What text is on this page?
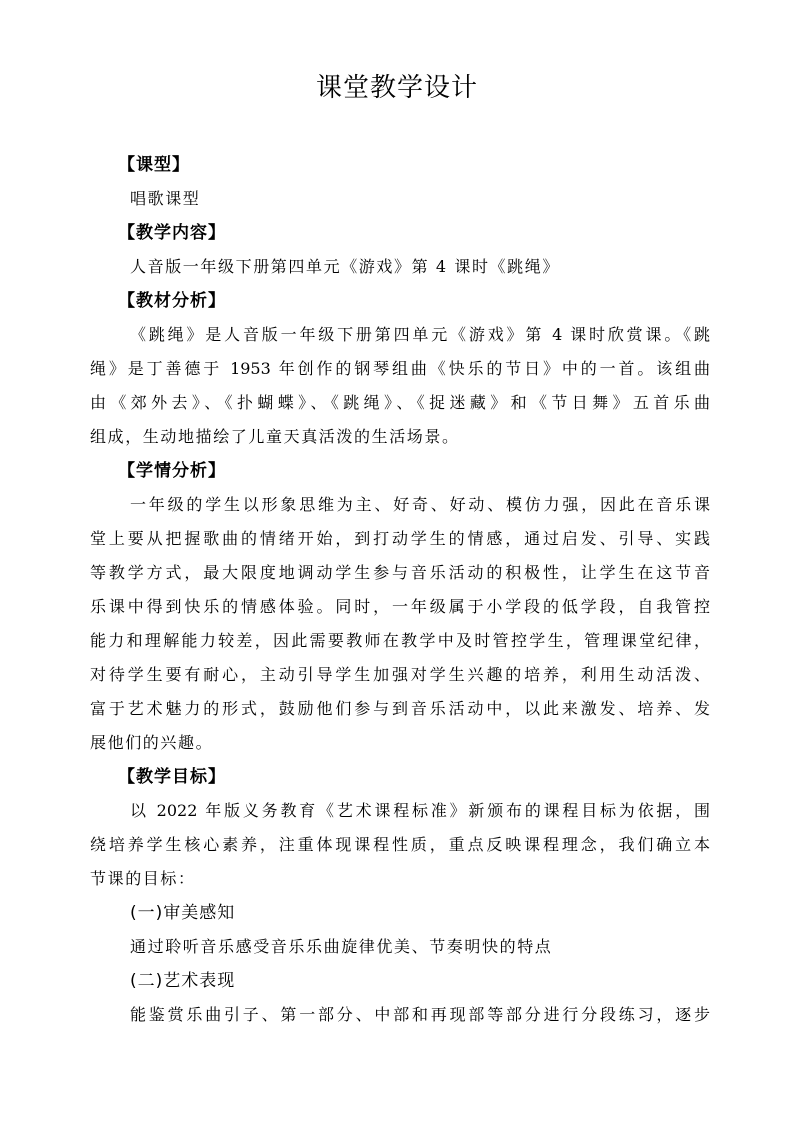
课堂教学设计
【课型】
唱歌课型
【教学内容】
人音版一年级下册第四单元《游戏》第 4 课时《跳绳》
【教材分析】
《跳绳》是人音版一年级下册第四单元《游戏》第 4 课时欣赏课。《跳
绳》是丁善德于 1953 年创作的钢琴组曲《快乐的节日》中的一首。该组曲
由《郊外去》、《扑蝴蝶》、《跳绳》、《捉迷藏》和《节日舞》五首乐曲
组成，生动地描绘了儿童天真活泼的生活场景。
【学情分析】
一年级的学生以形象思维为主、好奇、好动、模仿力强，因此在音乐课
堂上要从把握歌曲的情绪开始，到打动学生的情感，通过启发、引导、实践
等教学方式，最大限度地调动学生参与音乐活动的积极性，让学生在这节音
乐课中得到快乐的情感体验。同时，一年级属于小学段的低学段，自我管控
能力和理解能力较差，因此需要教师在教学中及时管控学生，管理课堂纪律，
对待学生要有耐心，主动引导学生加强对学生兴趣的培养，利用生动活泼、
富于艺术魅力的形式，鼓励他们参与到音乐活动中，以此来激发、培养、发
展他们的兴趣。
【教学目标】
以 2022 年版义务教育《艺术课程标准》新颁布的课程目标为依据，围
绕培养学生核心素养，注重体现课程性质，重点反映课程理念，我们确立本
节课的目标：
(一)审美感知
通过聆听音乐感受音乐乐曲旋律优美、节奏明快的特点
(二)艺术表现
能鉴赏乐曲引子、第一部分、中部和再现部等部分进行分段练习，逐步
